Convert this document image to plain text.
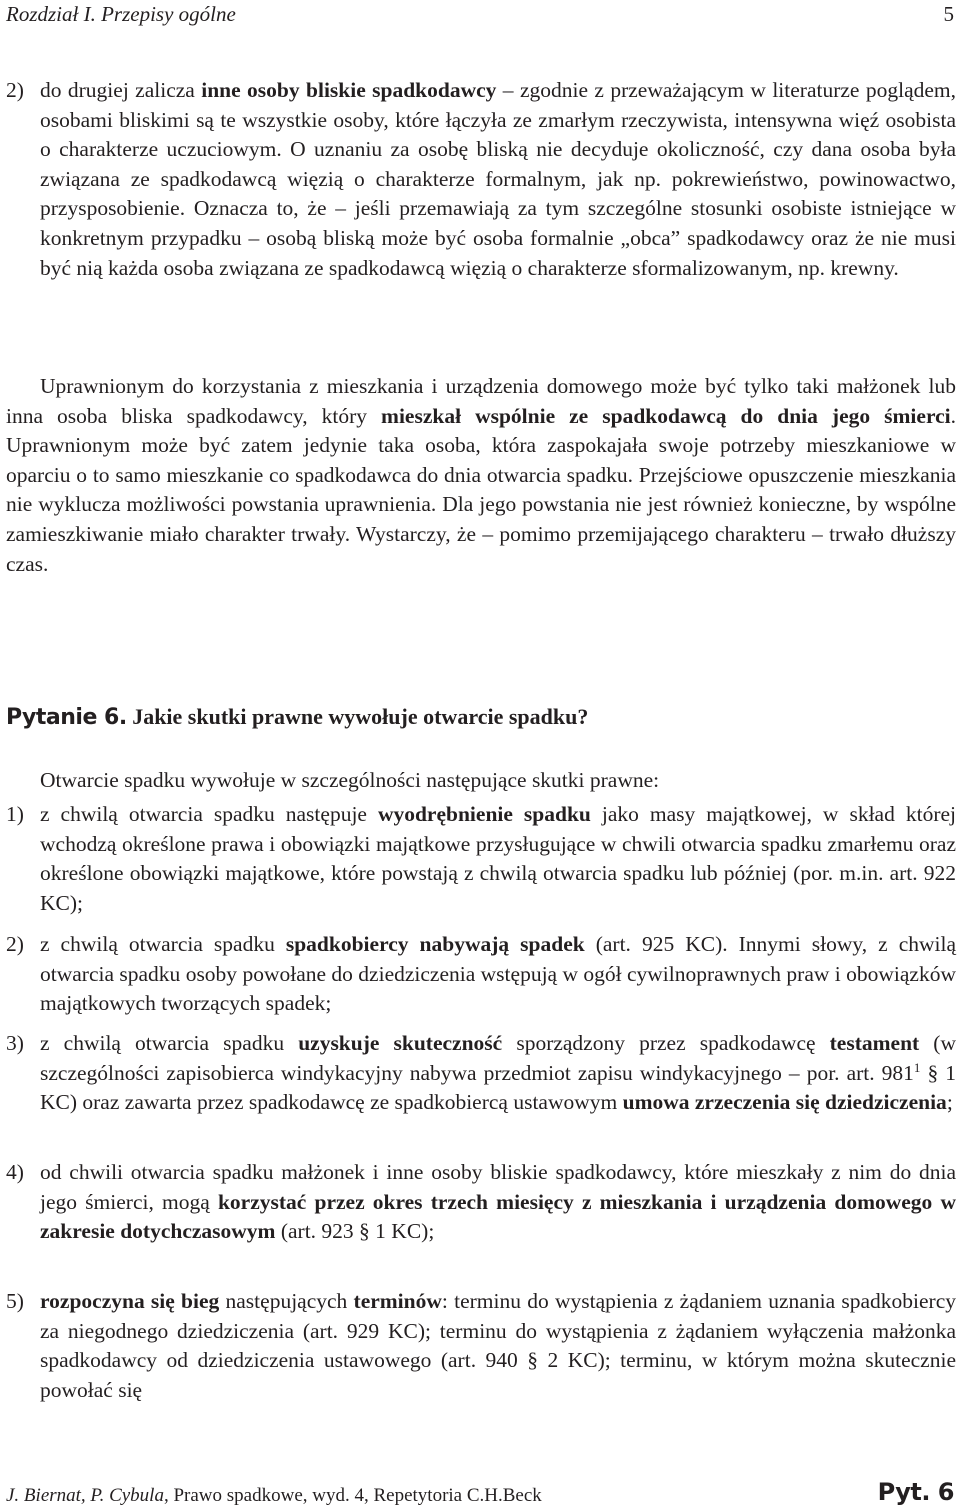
Rozdział I. Przepisy ogólne	5
2) do drugiej zalicza inne osoby bliskie spadkodawcy – zgodnie z przeważającym w literaturze poglądem, osobami bliskimi są te wszystkie osoby, które łączyła ze zmarłym rzeczywista, intensywna więź osobista o charakterze uczuciowym. O uznaniu za osobę bliską nie decyduje okoliczność, czy dana osoba była związana ze spadkodawcą więzią o charakterze formalnym, jak np. pokrewieństwo, powinowactwo, przysposobienie. Oznacza to, że – jeśli przemawiają za tym szczególne stosunki osobiste istniejące w konkretnym przypadku – osobą bliską może być osoba formalnie „obca” spadkodawcy oraz że nie musi być nią każda osoba związana ze spadkodawcą więzią o charakterze sformalizowanym, np. krewny.
Uprawnionym do korzystania z mieszkania i urządzenia domowego może być tylko taki małżonek lub inna osoba bliska spadkodawcy, który mieszkał wspólnie ze spadkodawcą do dnia jego śmierci. Uprawnionym może być zatem jedynie taka osoba, która zaspokajała swoje potrzeby mieszkaniowe w oparciu o to samo mieszkanie co spadkodawca do dnia otwarcia spadku. Przejściowe opuszczenie mieszkania nie wyklucza możliwości powstania uprawnienia. Dla jego powstania nie jest również konieczne, by wspólne zamieszkiwanie miało charakter trwały. Wystarczy, że – pomimo przemijającego charakteru – trwało dłuższy czas.
Pytanie 6. Jakie skutki prawne wywołuje otwarcie spadku?
Otwarcie spadku wywołuje w szczególności następujące skutki prawne:
1) z chwilą otwarcia spadku następuje wyodrębnienie spadku jako masy majątkowej, w skład której wchodzą określone prawa i obowiązki majątkowe przysługujące w chwili otwarcia spadku zmarłemu oraz określone obowiązki majątkowe, które powstają z chwilą otwarcia spadku lub później (por. m.in. art. 922 KC);
2) z chwilą otwarcia spadku spadkobiercy nabywają spadek (art. 925 KC). Innymi słowy, z chwilą otwarcia spadku osoby powołane do dziedziczenia wstępują w ogół cywilnoprawnych praw i obowiązków majątkowych tworzących spadek;
3) z chwilą otwarcia spadku uzyskuje skuteczność sporządzony przez spadkodawcę testament (w szczególności zapisobierca windykacyjny nabywa przedmiot zapisu windykacyjnego – por. art. $981^1$ § 1 KC) oraz zawarta przez spadkodawcę ze spadkobiercą ustawowym umowa zrzeczenia się dziedziczenia;
4) od chwili otwarcia spadku małżonek i inne osoby bliskie spadkodawcy, które mieszkały z nim do dnia jego śmierci, mogą korzystać przez okres trzech miesięcy z mieszkania i urządzenia domowego w zakresie dotychczasowym (art. 923 § 1 KC);
5) rozpoczyna się bieg następujących terminów: terminu do wystąpienia z żądaniem uznania spadkobiercy za niegodnego dziedziczenia (art. 929 KC); terminu do wystąpienia z żądaniem wyłączenia małżonka spadkodawcy od dziedziczenia ustawowego (art. 940 § 2 KC); terminu, w którym można skutecznie powołać się
J. Biernat, P. Cybula, Prawo spadkowe, wyd. 4, Repetytoria C.H.Beck	Pyt. 6
